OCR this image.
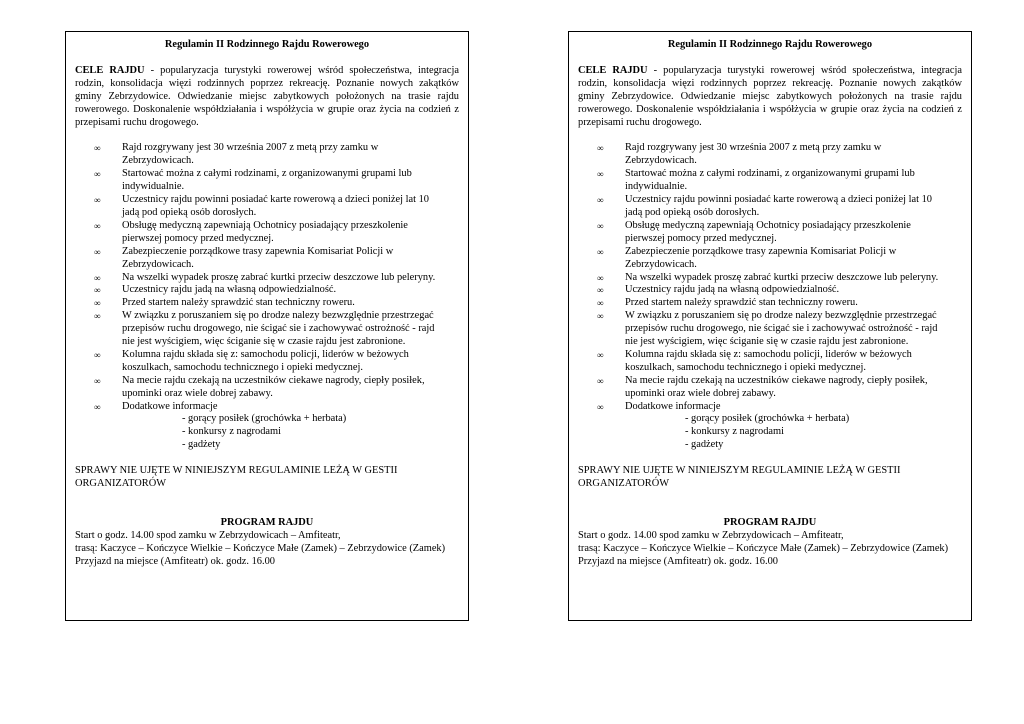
Regulamin II Rodzinnego Rajdu Rowerowego

CELE RAJDU - popularyzacja turystyki rowerowej wśród społeczeństwa, integracja rodzin, konsolidacja więzi rodzinnych poprzez rekreację. Poznanie nowych zakątków gminy Zebrzydowice. Odwiedzanie miejsc zabytkowych położonych na trasie rajdu rowerowego. Doskonalenie współdziałania i współżycia w grupie oraz życia na codzień z przepisami ruchu drogowego.

∞ Rajd rozgrywany jest 30 września 2007 z metą przy zamku w Zebrzydowicach.
∞ Startować można z całymi rodzinami, z organizowanymi grupami lub indywidualnie.
∞ Uczestnicy rajdu powinni posiadać karte rowerową a dzieci poniżej lat 10 jadą pod opieką osób dorosłych.
∞ Obsługę medyczną zapewniają Ochotnicy posiadający przeszkolenie pierwszej pomocy przed medycznej.
∞ Zabezpieczenie porządkowe trasy zapewnia Komisariat Policji w Zebrzydowicach.
∞ Na wszelki wypadek proszę zabrać kurtki przeciw deszczowe lub peleryny.
∞ Uczestnicy rajdu jadą na własną odpowiedzialność.
∞ Przed startem należy sprawdzić stan techniczny roweru.
∞ W związku z poruszaniem się po drodze nalezy bezwzględnie przestrzegać przepisów ruchu drogowego, nie ścigać sie i zachowywać ostrożność - rajd nie jest wyścigiem, więc ściganie się w czasie rajdu jest zabronione.
∞ Kolumna rajdu składa się z: samochodu policji, liderów w beżowych koszulkach, samochodu technicznego i opieki medycznej.
∞ Na mecie rajdu czekają na uczestników ciekawe nagrody, ciepły posiłek, upominki oraz wiele dobrej zabawy.
∞ Dodatkowe informacje
- gorący posiłek (grochówka + herbata)
- konkursy z nagrodami
- gadżety

SPRAWY NIE UJĘTE W NINIEJSZYM REGULAMINIE LEŻĄ W GESTII ORGANIZATORÓW

PROGRAM RAJDU

Start o godz. 14.00 spod zamku w Zebrzydowicach – Amfiteatr,

trasą: Kaczyce – Kończyce Wielkie – Kończyce Małe (Zamek) – Zebrzydowice (Zamek)

Przyjazd na miejsce (Amfiteatr) ok. godz. 16.00

Regulamin II Rodzinnego Rajdu Rowerowego

CELE RAJDU - popularyzacja turystyki rowerowej wśród społeczeństwa, integracja rodzin, konsolidacja więzi rodzinnych poprzez rekreację. Poznanie nowych zakątków gminy Zebrzydowice. Odwiedzanie miejsc zabytkowych położonych na trasie rajdu rowerowego. Doskonalenie współdziałania i współżycia w grupie oraz życia na codzień z przepisami ruchu drogowego.

∞ Rajd rozgrywany jest 30 września 2007 z metą przy zamku w Zebrzydowicach.
∞ Startować można z całymi rodzinami, z organizowanymi grupami lub indywidualnie.
∞ Uczestnicy rajdu powinni posiadać karte rowerową a dzieci poniżej lat 10 jadą pod opieką osób dorosłych.
∞ Obsługę medyczną zapewniają Ochotnicy posiadający przeszkolenie pierwszej pomocy przed medycznej.
∞ Zabezpieczenie porządkowe trasy zapewnia Komisariat Policji w Zebrzydowicach.
∞ Na wszelki wypadek proszę zabrać kurtki przeciw deszczowe lub peleryny.
∞ Uczestnicy rajdu jadą na własną odpowiedzialność.
∞ Przed startem należy sprawdzić stan techniczny roweru.
∞ W związku z poruszaniem się po drodze nalezy bezwzględnie przestrzegać przepisów ruchu drogowego, nie ścigać sie i zachowywać ostrożność - rajd nie jest wyścigiem, więc ściganie się w czasie rajdu jest zabronione.
∞ Kolumna rajdu składa się z: samochodu policji, liderów w beżowych koszulkach, samochodu technicznego i opieki medycznej.
∞ Na mecie rajdu czekają na uczestników ciekawe nagrody, ciepły posiłek, upominki oraz wiele dobrej zabawy.
∞ Dodatkowe informacje
- gorący posiłek (grochówka + herbata)
- konkursy z nagrodami
- gadżety

SPRAWY NIE UJĘTE W NINIEJSZYM REGULAMINIE LEŻĄ W GESTII ORGANIZATORÓW

PROGRAM RAJDU

Start o godz. 14.00 spod zamku w Zebrzydowicach – Amfiteatr,

trasą: Kaczyce – Kończyce Wielkie – Kończyce Małe (Zamek) – Zebrzydowice (Zamek)

Przyjazd na miejsce (Amfiteatr) ok. godz. 16.00
